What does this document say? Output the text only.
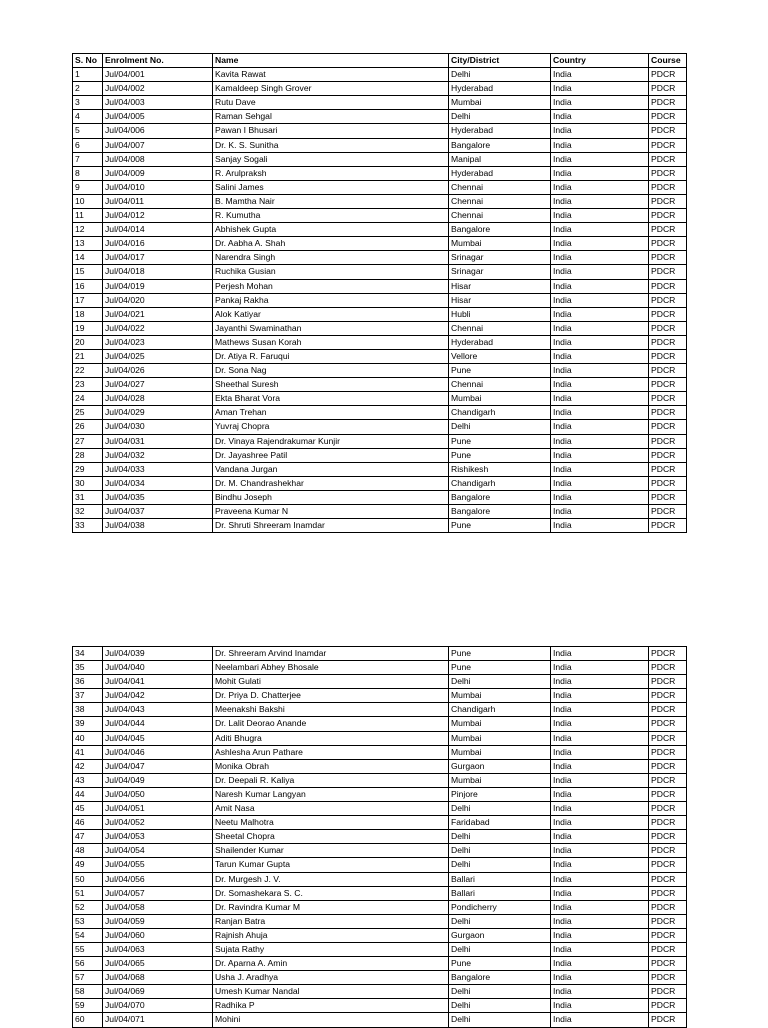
S. No	Enrolment No.	Name	City/District	Country	Course
1	Jul/04/001	Kavita Rawat	Delhi	India	PDCR
2	Jul/04/002	Kamaldeep Singh Grover	Hyderabad	India	PDCR
3	Jul/04/003	Rutu Dave	Mumbai	India	PDCR
4	Jul/04/005	Raman Sehgal	Delhi	India	PDCR
5	Jul/04/006	Pawan I Bhusari	Hyderabad	India	PDCR
6	Jul/04/007	Dr. K. S. Sunitha	Bangalore	India	PDCR
7	Jul/04/008	Sanjay Sogali	Manipal	India	PDCR
8	Jul/04/009	R. Arulpraksh	Hyderabad	India	PDCR
9	Jul/04/010	Salini James	Chennai	India	PDCR
10	Jul/04/011	B. Mamtha Nair	Chennai	India	PDCR
11	Jul/04/012	R. Kumutha	Chennai	India	PDCR
12	Jul/04/014	Abhishek Gupta	Bangalore	India	PDCR
13	Jul/04/016	Dr. Aabha A. Shah	Mumbai	India	PDCR
14	Jul/04/017	Narendra Singh	Srinagar	India	PDCR
15	Jul/04/018	Ruchika Gusian	Srinagar	India	PDCR
16	Jul/04/019	Perjesh Mohan	Hisar	India	PDCR
17	Jul/04/020	Pankaj Rakha	Hisar	India	PDCR
18	Jul/04/021	Alok Katiyar	Hubli	India	PDCR
19	Jul/04/022	Jayanthi Swaminathan	Chennai	India	PDCR
20	Jul/04/023	Mathews Susan Korah	Hyderabad	India	PDCR
21	Jul/04/025	Dr. Atiya R. Faruqui	Vellore	India	PDCR
22	Jul/04/026	Dr. Sona Nag	Pune	India	PDCR
23	Jul/04/027	Sheethal Suresh	Chennai	India	PDCR
24	Jul/04/028	Ekta Bharat Vora	Mumbai	India	PDCR
25	Jul/04/029	Aman Trehan	Chandigarh	India	PDCR
26	Jul/04/030	Yuvraj Chopra	Delhi	India	PDCR
27	Jul/04/031	Dr. Vinaya Rajendrakumar Kunjir	Pune	India	PDCR
28	Jul/04/032	Dr. Jayashree Patil	Pune	India	PDCR
29	Jul/04/033	Vandana Jurgan	Rishikesh	India	PDCR
30	Jul/04/034	Dr. M. Chandrashekhar	Chandigarh	India	PDCR
31	Jul/04/035	Bindhu Joseph	Bangalore	India	PDCR
32	Jul/04/037	Praveena Kumar N	Bangalore	India	PDCR
33	Jul/04/038	Dr. Shruti Shreeram Inamdar	Pune	India	PDCR
34	Jul/04/039	Dr. Shreeram Arvind Inamdar	Pune	India	PDCR
35	Jul/04/040	Neelambari Abhey Bhosale	Pune	India	PDCR
36	Jul/04/041	Mohit Gulati	Delhi	India	PDCR
37	Jul/04/042	Dr. Priya D. Chatterjee	Mumbai	India	PDCR
38	Jul/04/043	Meenakshi Bakshi	Chandigarh	India	PDCR
39	Jul/04/044	Dr. Lalit Deorao Anande	Mumbai	India	PDCR
40	Jul/04/045	Aditi Bhugra	Mumbai	India	PDCR
41	Jul/04/046	Ashlesha Arun Pathare	Mumbai	India	PDCR
42	Jul/04/047	Monika Obrah	Gurgaon	India	PDCR
43	Jul/04/049	Dr. Deepali R. Kaliya	Mumbai	India	PDCR
44	Jul/04/050	Naresh Kumar Langyan	Pinjore	India	PDCR
45	Jul/04/051	Amit Nasa	Delhi	India	PDCR
46	Jul/04/052	Neetu Malhotra	Faridabad	India	PDCR
47	Jul/04/053	Sheetal Chopra	Delhi	India	PDCR
48	Jul/04/054	Shailender Kumar	Delhi	India	PDCR
49	Jul/04/055	Tarun Kumar Gupta	Delhi	India	PDCR
50	Jul/04/056	Dr. Murgesh J. V.	Ballari	India	PDCR
51	Jul/04/057	Dr. Somashekara S. C.	Ballari	India	PDCR
52	Jul/04/058	Dr. Ravindra Kumar M	Pondicherry	India	PDCR
53	Jul/04/059	Ranjan Batra	Delhi	India	PDCR
54	Jul/04/060	Rajnish Ahuja	Gurgaon	India	PDCR
55	Jul/04/063	Sujata Rathy	Delhi	India	PDCR
56	Jul/04/065	Dr. Aparna A. Amin	Pune	India	PDCR
57	Jul/04/068	Usha J. Aradhya	Bangalore	India	PDCR
58	Jul/04/069	Umesh Kumar Nandal	Delhi	India	PDCR
59	Jul/04/070	Radhika P	Delhi	India	PDCR
60	Jul/04/071	Mohini	Delhi	India	PDCR
